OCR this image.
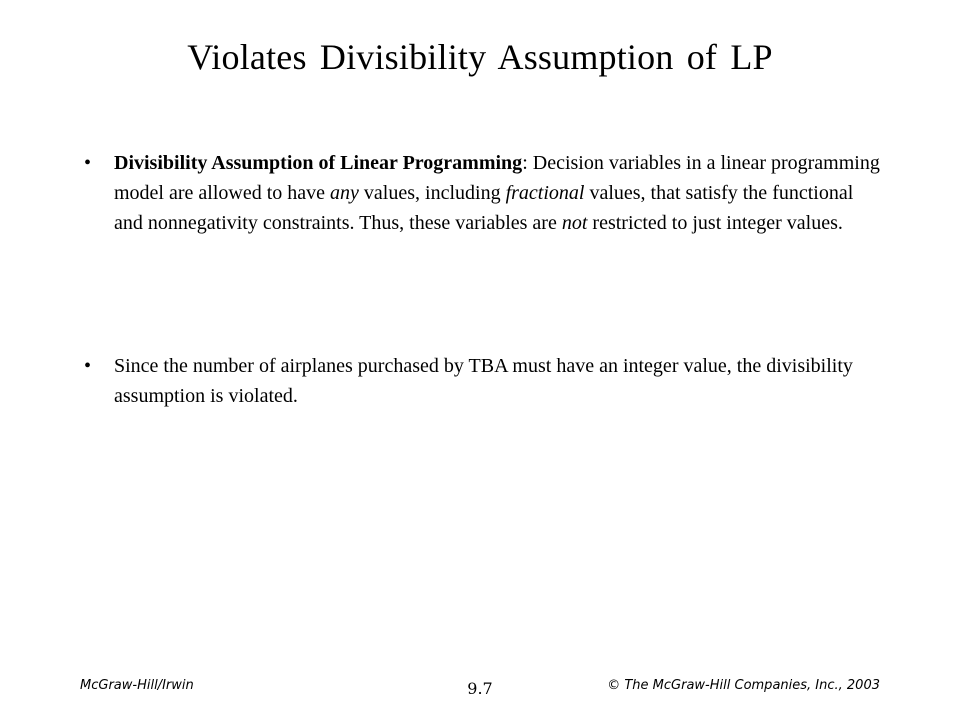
Violates Divisibility Assumption of LP
• Divisibility Assumption of Linear Programming: Decision variables in a linear programming model are allowed to have any values, including fractional values, that satisfy the functional and nonnegativity constraints. Thus, these variables are not restricted to just integer values.
• Since the number of airplanes purchased by TBA must have an integer value, the divisibility assumption is violated.
McGraw-Hill/Irwin	9.7	© The McGraw-Hill Companies, Inc., 2003
